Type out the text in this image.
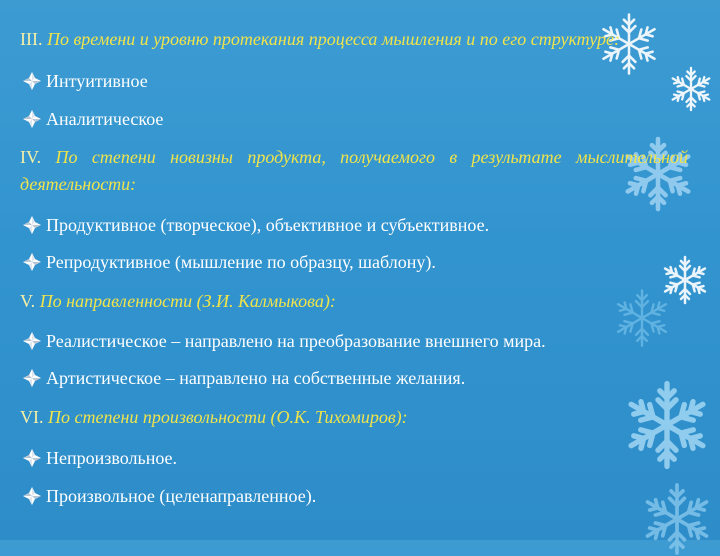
III. По времени и уровню протекания процесса мышления и по его структуре:

Интуитивное

Аналитическое

IV. По степени новизны продукта, получаемого в результате мыслительной деятельности:

Продуктивное (творческое), объективное и субъективное.

Репродуктивное (мышление по образцу, шаблону).

V. По направленности (З.И. Калмыкова):

Реалистическое – направлено на преобразование внешнего мира.

Артистическое – направлено на собственные желания.

VI. По степени произвольности (О.К. Тихомиров):

Непроизвольное.

Произвольное (целенаправленное).
